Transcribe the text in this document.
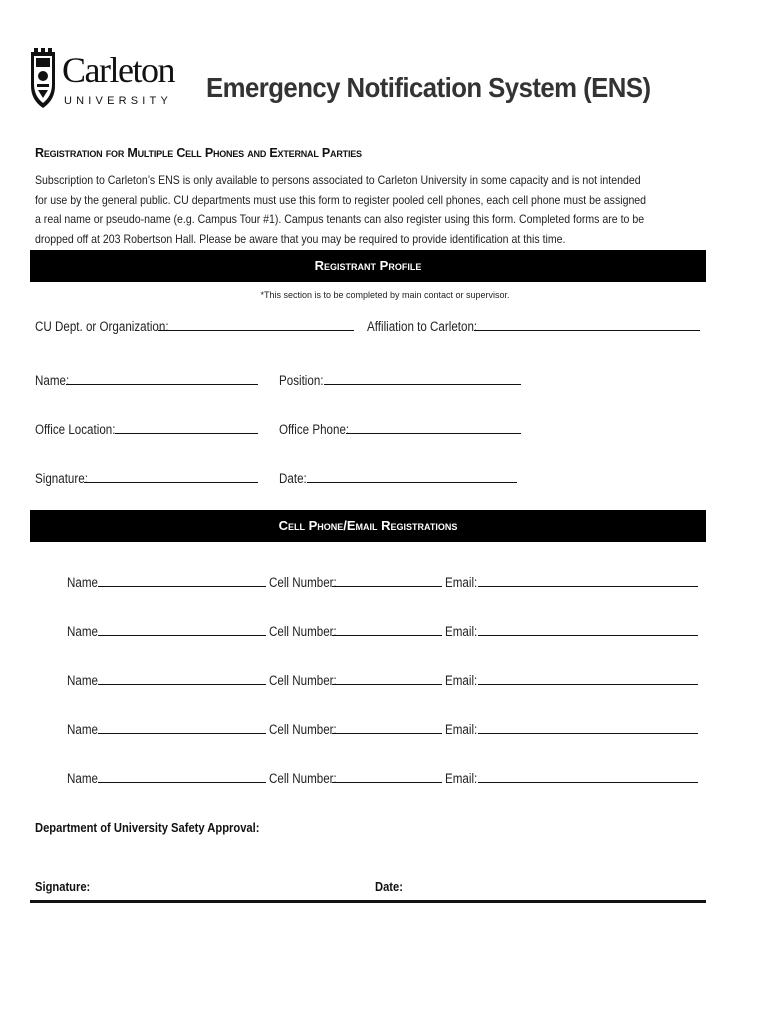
Carleton
UNIVERSITY Emergency Notification System (ENS)
Registration for Multiple Cell Phones and External Parties
Subscription to Carleton’s ENS is only available to persons associated to Carleton University in some capacity and is not intended for use by the general public. CU departments must use this form to register pooled cell phones, each cell phone must be assigned a real name or pseudo-name (e.g. Campus Tour #1). Campus tenants can also register using this form. Completed forms are to be dropped off at 203 Robertson Hall. Please be aware that you may be required to provide identification at this time.
Registrant Profile
*This section is to be completed by main contact or supervisor.
CU Dept. or Organization:	Affiliation to Carleton:
Name:	Position:
Office Location:	Office Phone:
Signature:	Date:
Cell Phone/Email Registrations
Name	Cell Number:	Email:
Name	Cell Number:	Email:
Name	Cell Number:	Email:
Name	Cell Number:	Email:
Name	Cell Number:	Email:
Department of University Safety Approval:
Signature:	Date:
